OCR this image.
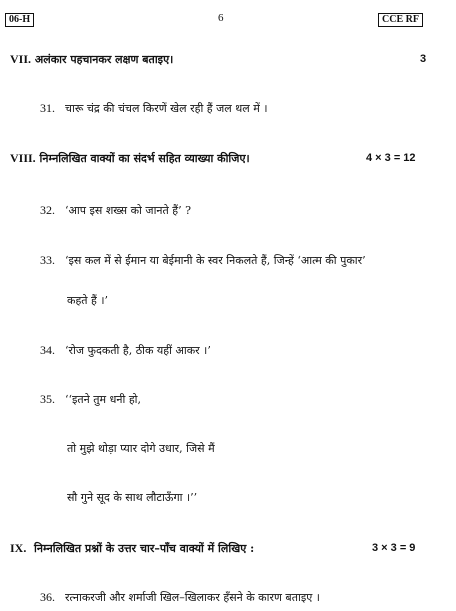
06-H	6	CCE RF
VII. अलंकार पहचानकर लक्षण बताइए।	3
31. चारू चंद्र की चंचल किरणें खेल रही हैं जल थल में ।
VIII. निम्नलिखित वाक्यों का संदर्भ सहित व्याख्या कीजिए।	4 × 3 = 12
32. ‘आप इस शख्स को जानते हैं’ ?
33. ‘इस कल में से ईमान या बेईमानी के स्वर निकलते हैं, जिन्हें ‘आत्म की पुकार’
कहते हैं ।’
34. ‘रोज फुदकती है, ठीक यहीं आकर ।’
35. ‘‘इतने तुम धनी हो,
तो मुझे थोड़ा प्यार दोगे उधार, जिसे मैं
सौ गुने सूद के साथ लौटाऊँगा ।’’
IX. निम्नलिखित प्रश्नों के उत्तर चार–पाँच वाक्यों में लिखिए :	3 × 3 = 9
36. रत्नाकरजी और शर्माजी खिल–खिलाकर हँसने के कारण बताइए ।
